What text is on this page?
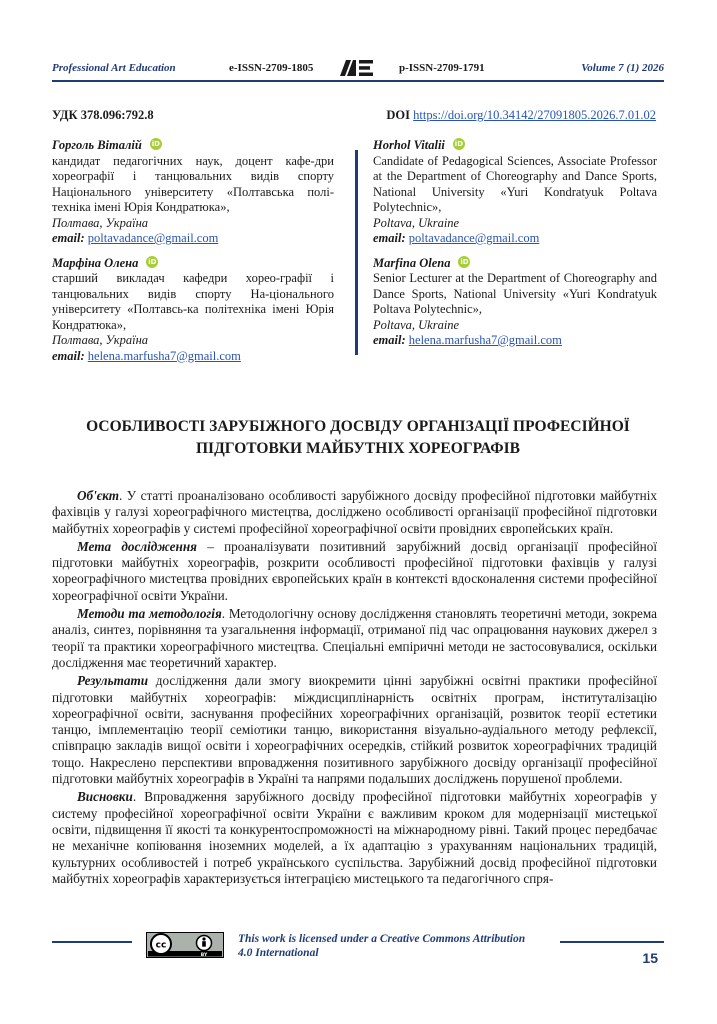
Professional Art Education	e-ISSN-2709-1805	p-ISSN-2709-1791	Volume 7 (1) 2026
УДК 378.096:792.8	DOI https://doi.org/10.34142/27091805.2026.7.01.02
Горголь Віталій iD
кандидат педагогічних наук, доцент кафе-дри хореографії і танцювальних видів спорту Національного університету «Полтавська полі-техніка імені Юрія Кондратюка»,
Полтава, Україна
email: poltavadance@gmail.com
Марфіна Олена iD
старший викладач кафедри хорео-графії і танцювальних видів спорту На-ціонального університету «Полтавсь-ка політехніка імені Юрія Кондратюка»,
Полтава, Україна
email: helena.marfusha7@gmail.com
Horhol Vitalii iD
Candidate of Pedagogical Sciences, Associate Professor at the Department of Choreography and Dance Sports, National University «Yuri Kondratyuk Poltava Polytechnic»,
Poltava, Ukraine
email: poltavadance@gmail.com
Marfina Olena iD
Senior Lecturer at the Department of Choreography and Dance Sports, National University «Yuri Kondratyuk Poltava Polytechnic»,
Poltava, Ukraine
email: helena.marfusha7@gmail.com
ОСОБЛИВОСТІ ЗАРУБІЖНОГО ДОСВІДУ ОРГАНІЗАЦІЇ ПРОФЕСІЙНОЇ ПІДГОТОВКИ МАЙБУТНІХ ХОРЕОГРАФІВ

Об'єкт. У статті проаналізовано особливості зарубіжного досвіду професійної підготовки майбутніх фахівців у галузі хореографічного мистецтва, досліджено особливості організації професійної підготовки майбутніх хореографів у системі професійної хореографічної освіти провідних європейських країн.

Мета дослідження – проаналізувати позитивний зарубіжний досвід організації професійної підготовки майбутніх хореографів, розкрити особливості професійної підготовки фахівців у галузі хореографічного мистецтва провідних європейських країн в контексті вдосконалення системи професійної хореографічної освіти України.

Методи та методологія. Методологічну основу дослідження становлять теоретичні методи, зокрема аналіз, синтез, порівняння та узагальнення інформації, отриманої під час опрацювання наукових джерел з теорії та практики хореографічного мистецтва. Спеціальні емпіричні методи не застосовувалися, оскільки дослідження має теоретичний характер.

Результати дослідження дали змогу виокремити цінні зарубіжні освітні практики професійної підготовки майбутніх хореографів: міждисциплінарність освітніх програм, інституталізацію хореографічної освіти, заснування професійних хореографічних організацій, розвиток теорії естетики танцю, імплементацію теорії семіотики танцю, використання візуально-аудіального методу рефлексії, співпрацю закладів вищої освіти і хореографічних осередків, стійкий розвиток хореографічних традицій тощо. Накреслено перспективи впровадження позитивного зарубіжного досвіду організації професійної підготовки майбутніх хореографів в Україні та напрями подальших досліджень порушеної проблеми.

Висновки. Впровадження зарубіжного досвіду професійної підготовки майбутніх хореографів у систему професійної хореографічної освіти України є важливим кроком для модернізації мистецької освіти, підвищення її якості та конкурентоспроможності на міжнародному рівні. Такий процес передбачає не механічне копіювання іноземних моделей, а їх адаптацію з урахуванням національних традицій, культурних особливостей і потреб українського суспільства. Зарубіжний досвід професійної підготовки майбутніх хореографів характеризується інтеграцією мистецького та педагогічного спря-

cc
BY
This work is licensed under a Creative Commons Attribution
4.0 International	15
